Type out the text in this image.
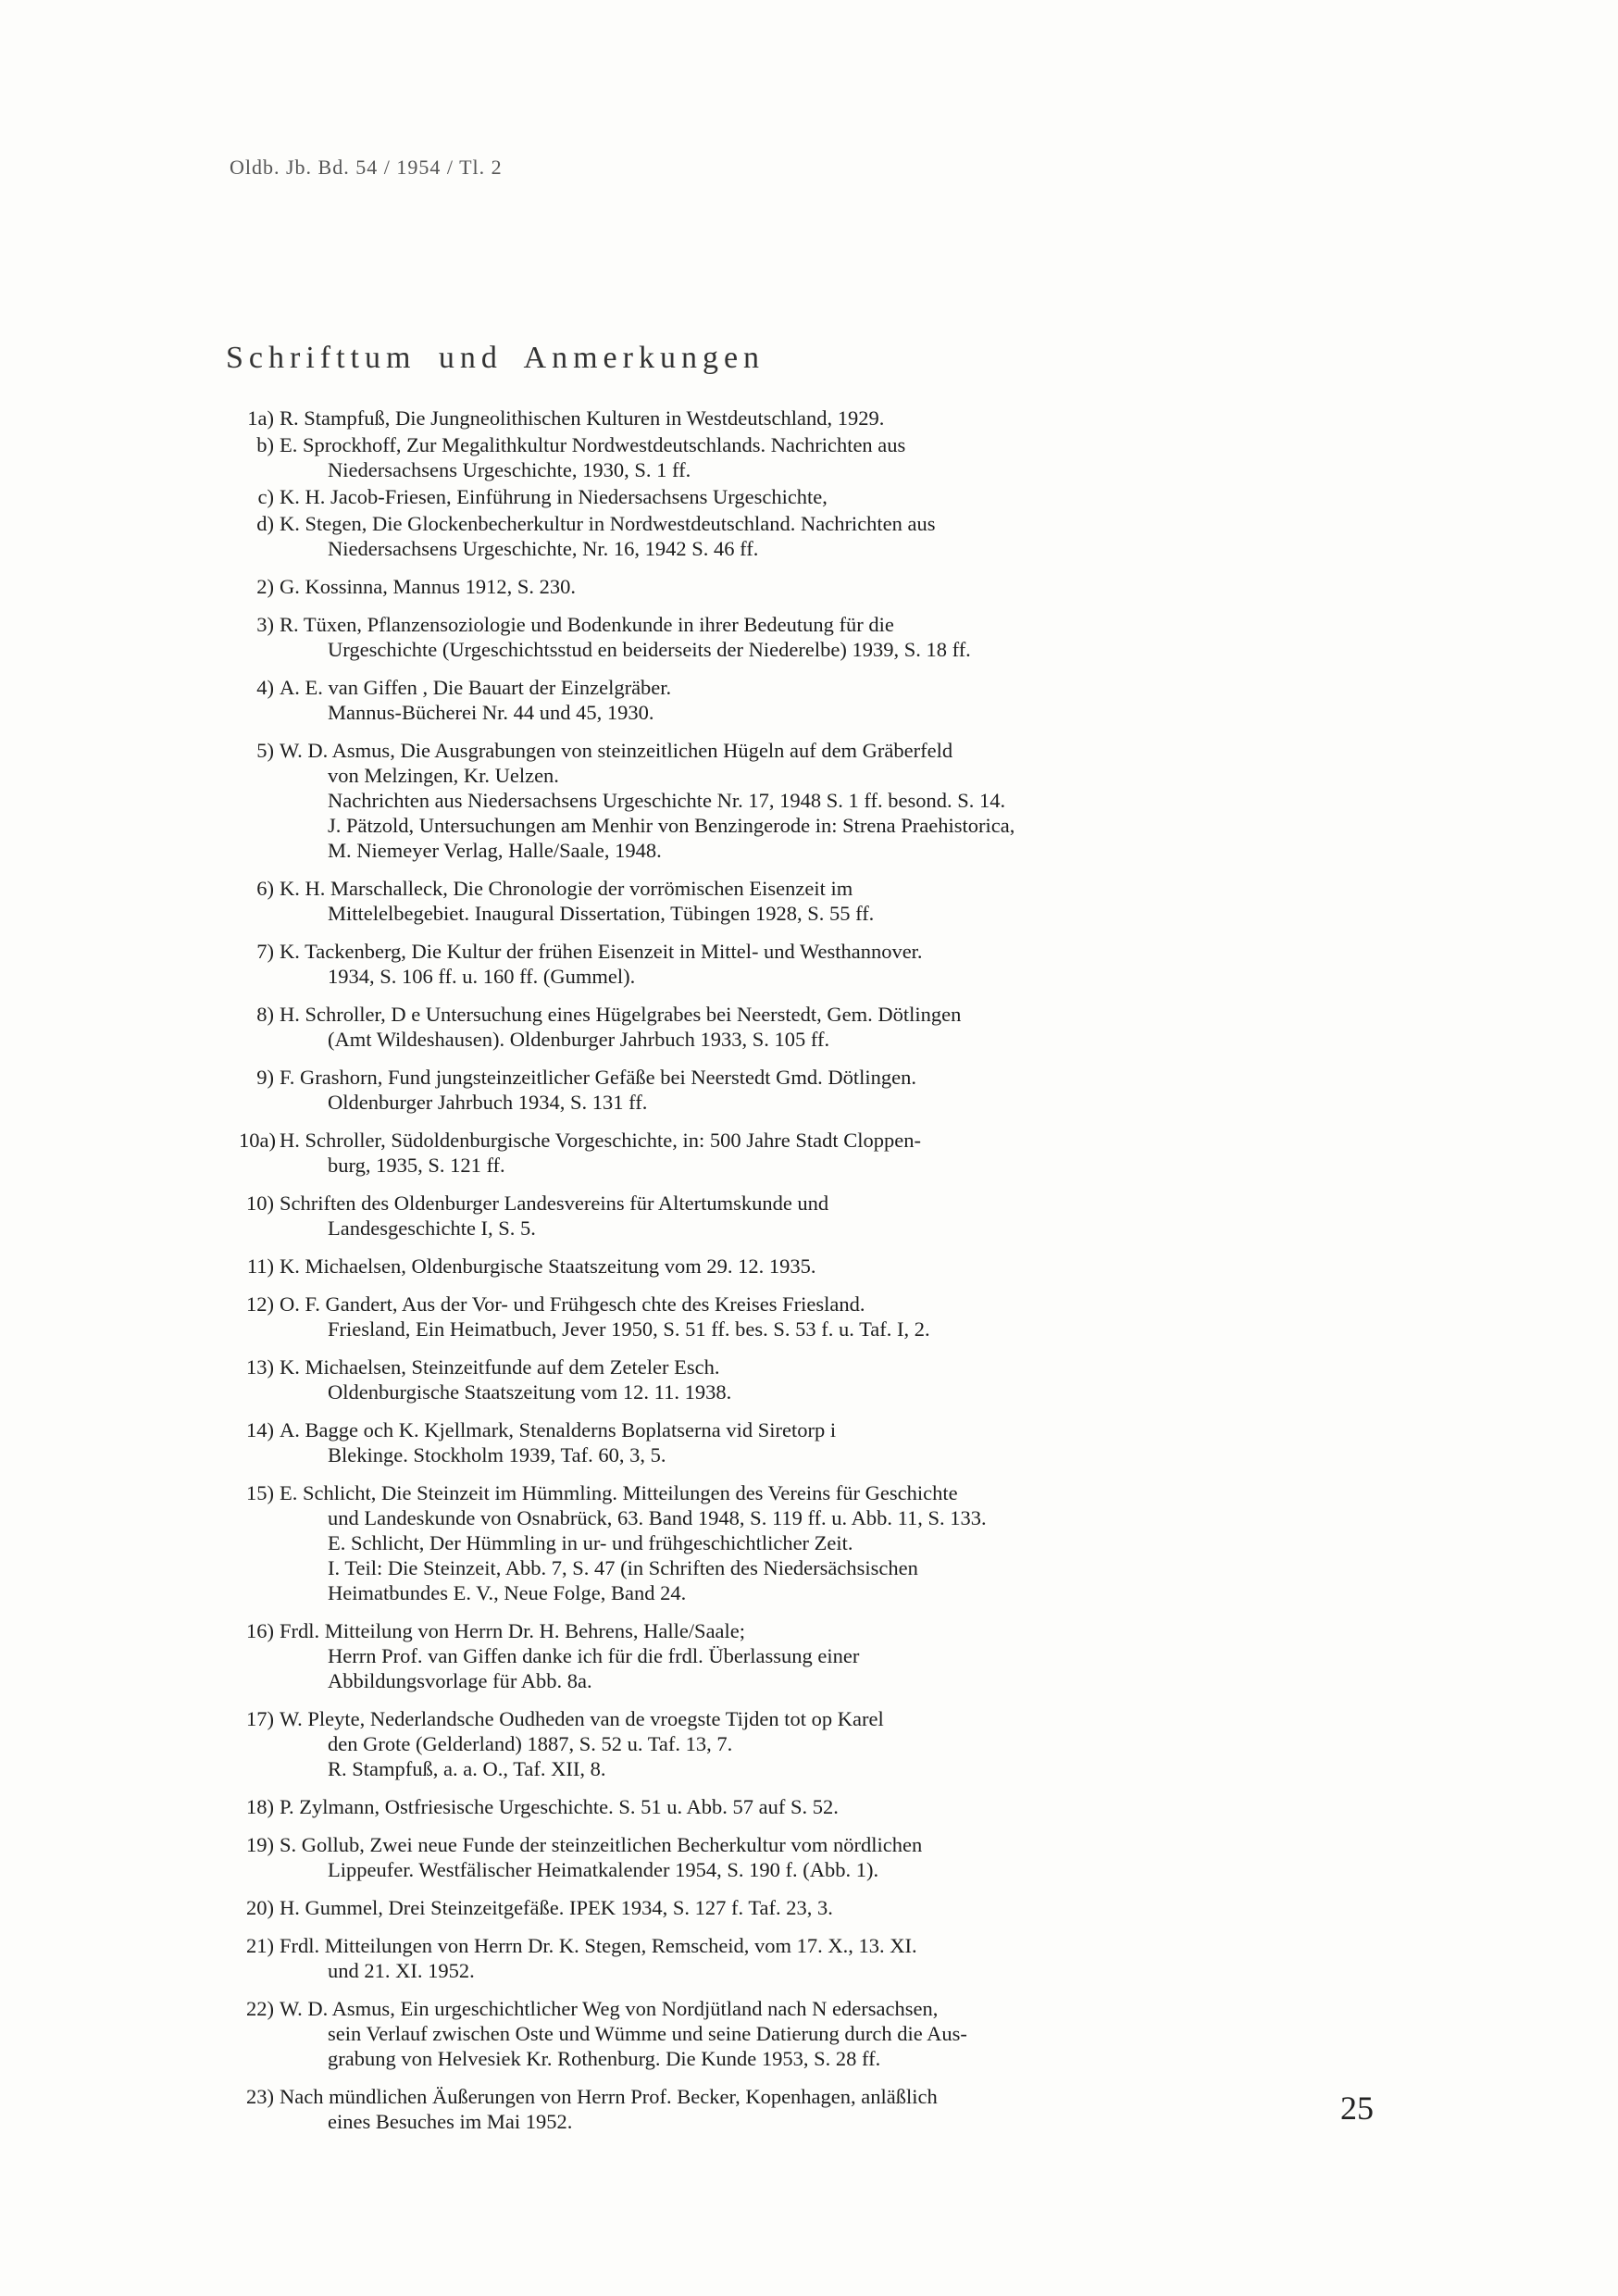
Oldb. Jb. Bd. 54 / 1954 / Tl. 2
Schrifttum und Anmerkungen
1a) R. Stampfuß, Die Jungneolithischen Kulturen in Westdeutschland, 1929.
b) E. Sprockhoff, Zur Megalithkultur Nordwestdeutschlands. Nachrichten aus
Niedersachsens Urgeschichte, 1930, S. 1 ff.
c) K. H. Jacob-Friesen, Einführung in Niedersachsens Urgeschichte,
d) K. Stegen, Die Glockenbecherkultur in Nordwestdeutschland. Nachrichten aus
Niedersachsens Urgeschichte, Nr. 16, 1942 S. 46 ff.
2) G. Kossinna, Mannus 1912, S. 230.
3) R. Tüxen, Pflanzensoziologie und Bodenkunde in ihrer Bedeutung für die
Urgeschichte (Urgeschichtsstud en beiderseits der Niederelbe) 1939, S. 18 ff.
4) A. E. van Giffen , Die Bauart der Einzelgräber.
Mannus-Bücherei Nr. 44 und 45, 1930.
5) W. D. Asmus, Die Ausgrabungen von steinzeitlichen Hügeln auf dem Gräberfeld
von Melzingen, Kr. Uelzen.
Nachrichten aus Niedersachsens Urgeschichte Nr. 17, 1948 S. 1 ff. besond. S. 14.
J. Pätzold, Untersuchungen am Menhir von Benzingerode in: Strena Praehistorica,
M. Niemeyer Verlag, Halle/Saale, 1948.
6) K. H. Marschalleck, Die Chronologie der vorrömischen Eisenzeit im
Mittelelbegebiet. Inaugural Dissertation, Tübingen 1928, S. 55 ff.
7) K. Tackenberg, Die Kultur der frühen Eisenzeit in Mittel- und Westhannover.
1934, S. 106 ff. u. 160 ff. (Gummel).
8) H. Schroller, D e Untersuchung eines Hügelgrabes bei Neerstedt, Gem. Dötlingen
(Amt Wildeshausen). Oldenburger Jahrbuch 1933, S. 105 ff.
9) F. Grashorn, Fund jungsteinzeitlicher Gefäße bei Neerstedt Gmd. Dötlingen.
Oldenburger Jahrbuch 1934, S. 131 ff.
10a) H. Schroller, Südoldenburgische Vorgeschichte, in: 500 Jahre Stadt Cloppen-
burg, 1935, S. 121 ff.
10) Schriften des Oldenburger Landesvereins für Altertumskunde und
Landesgeschichte I, S. 5.
11) K. Michaelsen, Oldenburgische Staatszeitung vom 29. 12. 1935.
12) O. F. Gandert, Aus der Vor- und Frühgesch chte des Kreises Friesland.
Friesland, Ein Heimatbuch, Jever 1950, S. 51 ff. bes. S. 53 f. u. Taf. I, 2.
13) K. Michaelsen, Steinzeitfunde auf dem Zeteler Esch.
Oldenburgische Staatszeitung vom 12. 11. 1938.
14) A. Bagge och K. Kjellmark, Stenalderns Boplatserna vid Siretorp i
Blekinge. Stockholm 1939, Taf. 60, 3, 5.
15) E. Schlicht, Die Steinzeit im Hümmling. Mitteilungen des Vereins für Geschichte
und Landeskunde von Osnabrück, 63. Band 1948, S. 119 ff. u. Abb. 11, S. 133.
E. Schlicht, Der Hümmling in ur- und frühgeschichtlicher Zeit.
I. Teil: Die Steinzeit, Abb. 7, S. 47 (in Schriften des Niedersächsischen
Heimatbundes E. V., Neue Folge, Band 24.
16) Frdl. Mitteilung von Herrn Dr. H. Behrens, Halle/Saale;
Herrn Prof. van Giffen danke ich für die frdl. Überlassung einer
Abbildungsvorlage für Abb. 8a.
17) W. Pleyte, Nederlandsche Oudheden van de vroegste Tijden tot op Karel
den Grote (Gelderland) 1887, S. 52 u. Taf. 13, 7.
R. Stampfuß, a. a. O., Taf. XII, 8.
18) P. Zylmann, Ostfriesische Urgeschichte. S. 51 u. Abb. 57 auf S. 52.
19) S. Gollub, Zwei neue Funde der steinzeitlichen Becherkultur vom nördlichen
Lippeufer. Westfälischer Heimatkalender 1954, S. 190 f. (Abb. 1).
20) H. Gummel, Drei Steinzeitgefäße. IPEK 1934, S. 127 f. Taf. 23, 3.
21) Frdl. Mitteilungen von Herrn Dr. K. Stegen, Remscheid, vom 17. X., 13. XI.
und 21. XI. 1952.
22) W. D. Asmus, Ein urgeschichtlicher Weg von Nordjütland nach N edersachsen,
sein Verlauf zwischen Oste und Wümme und seine Datierung durch die Aus-
grabung von Helvesiek Kr. Rothenburg. Die Kunde 1953, S. 28 ff.
23) Nach mündlichen Äußerungen von Herrn Prof. Becker, Kopenhagen, anläßlich
eines Besuches im Mai 1952.	25
